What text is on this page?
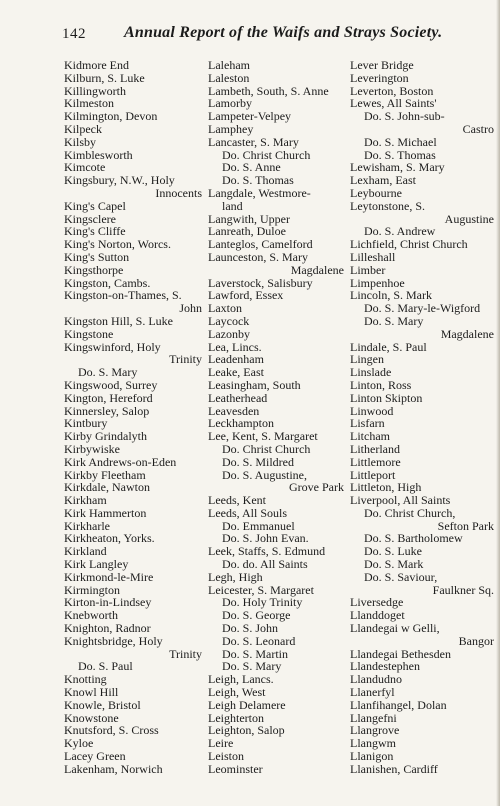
142 Annual Report of the Waifs and Strays Society.
Kidmore End
Kilburn, S. Luke
Killingworth
Kilmeston
Kilmington, Devon
Kilpeck
Kilsby
Kimblesworth
Kimcote
Kingsbury, N.W., Holy
Innocents
King's Capel
Kingsclere
King's Cliffe
King's Norton, Worcs.
King's Sutton
Kingsthorpe
Kingston, Cambs.
Kingston-on-Thames, S.
John
Kingston Hill, S. Luke
Kingstone
Kingswinford, Holy
Trinity
Do. S. Mary
Kingswood, Surrey
Kington, Hereford
Kinnersley, Salop
Kintbury
Kirby Grindalyth
Kirbywiske
Kirk Andrews-on-Eden
Kirkby Fleetham
Kirkdale, Nawton
Kirkham
Kirk Hammerton
Kirkharle
Kirkheaton, Yorks.
Kirkland
Kirk Langley
Kirkmond-le-Mire
Kirmington
Kirton-in-Lindsey
Knebworth
Knighton, Radnor
Knightsbridge, Holy
Trinity
Do. S. Paul
Knotting
Knowl Hill
Knowle, Bristol
Knowstone
Knutsford, S. Cross
Kyloe
Lacey Green
Lakenham, Norwich
Laleham
Laleston
Lambeth, South, S. Anne
Lamorby
Lampeter-Velpey
Lamphey
Lancaster, S. Mary
Do. Christ Church
Do. S. Anne
Do. S. Thomas
Langdale, Westmore-
land
Langwith, Upper
Lanreath, Duloe
Lanteglos, Camelford
Launceston, S. Mary
Magdalene
Laverstock, Salisbury
Lawford, Essex
Laxton
Laycock
Lazonby
Lea, Lincs.
Leadenham
Leake, East
Leasingham, South
Leatherhead
Leavesden
Leckhampton
Lee, Kent, S. Margaret
Do. Christ Church
Do. S. Mildred
Do. S. Augustine,
Grove Park
Leeds, Kent
Leeds, All Souls
Do. Emmanuel
Do. S. John Evan.
Leek, Staffs, S. Edmund
Do. do. All Saints
Legh, High
Leicester, S. Margaret
Do. Holy Trinity
Do. S. George
Do. S. John
Do. S. Leonard
Do. S. Martin
Do. S. Mary
Leigh, Lancs.
Leigh, West
Leigh Delamere
Leighterton
Leighton, Salop
Leire
Leiston
Leominster
Lever Bridge
Leverington
Leverton, Boston
Lewes, All Saints'
Do. S. John-sub-
Castro
Do. S. Michael
Do. S. Thomas
Lewisham, S. Mary
Lexham, East
Leybourne
Leytonstone, S.
Augustine
Do. S. Andrew
Lichfield, Christ Church
Lilleshall
Limber
Limpenhoe
Lincoln, S. Mark
Do. S. Mary-le-Wigford
Do. S. Mary
Magdalene
Lindale, S. Paul
Lingen
Linslade
Linton, Ross
Linton Skipton
Linwood
Lisfarn
Litcham
Litherland
Littlemore
Littleport
Littleton, High
Liverpool, All Saints
Do. Christ Church,
Sefton Park
Do. S. Bartholomew
Do. S. Luke
Do. S. Mark
Do. S. Saviour,
Faulkner Sq.
Liversedge
Llanddoget
Llandegai w Gelli,
Bangor
Llandegai Bethesden
Llandestephen
Llandudno
Llanerfyl
Llanfihangel, Dolan
Llangefni
Llangrove
Llangwm
Llanigon
Llanishen, Cardiff
